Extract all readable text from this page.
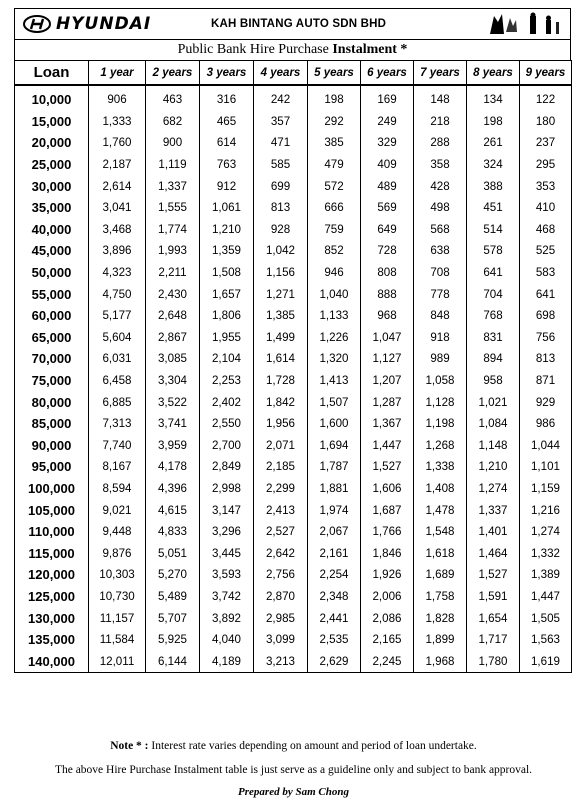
HYUNDAI	KAH BINTANG AUTO SDN BHD
Public Bank Hire Purchase Instalment *
Loan	1 year	2 years	3 years	4 years	5 years	6 years	7 years	8 years	9 years
10,000	906	463	316	242	198	169	148	134	122
15,000	1,333	682	465	357	292	249	218	198	180
20,000	1,760	900	614	471	385	329	288	261	237
25,000	2,187	1,119	763	585	479	409	358	324	295
30,000	2,614	1,337	912	699	572	489	428	388	353
35,000	3,041	1,555	1,061	813	666	569	498	451	410
40,000	3,468	1,774	1,210	928	759	649	568	514	468
45,000	3,896	1,993	1,359	1,042	852	728	638	578	525
50,000	4,323	2,211	1,508	1,156	946	808	708	641	583
55,000	4,750	2,430	1,657	1,271	1,040	888	778	704	641
60,000	5,177	2,648	1,806	1,385	1,133	968	848	768	698
65,000	5,604	2,867	1,955	1,499	1,226	1,047	918	831	756
70,000	6,031	3,085	2,104	1,614	1,320	1,127	989	894	813
75,000	6,458	3,304	2,253	1,728	1,413	1,207	1,058	958	871
80,000	6,885	3,522	2,402	1,842	1,507	1,287	1,128	1,021	929
85,000	7,313	3,741	2,550	1,956	1,600	1,367	1,198	1,084	986
90,000	7,740	3,959	2,700	2,071	1,694	1,447	1,268	1,148	1,044
95,000	8,167	4,178	2,849	2,185	1,787	1,527	1,338	1,210	1,101
100,000	8,594	4,396	2,998	2,299	1,881	1,606	1,408	1,274	1,159
105,000	9,021	4,615	3,147	2,413	1,974	1,687	1,478	1,337	1,216
110,000	9,448	4,833	3,296	2,527	2,067	1,766	1,548	1,401	1,274
115,000	9,876	5,051	3,445	2,642	2,161	1,846	1,618	1,464	1,332
120,000	10,303	5,270	3,593	2,756	2,254	1,926	1,689	1,527	1,389
125,000	10,730	5,489	3,742	2,870	2,348	2,006	1,758	1,591	1,447
130,000	11,157	5,707	3,892	2,985	2,441	2,086	1,828	1,654	1,505
135,000	11,584	5,925	4,040	3,099	2,535	2,165	1,899	1,717	1,563
140,000	12,011	6,144	4,189	3,213	2,629	2,245	1,968	1,780	1,619
Note * : Interest rate varies depending on amount and period of loan undertake.
The above Hire Purchase Instalment table is just serve as a guideline only and subject to bank approval.
Prepared by Sam Chong
